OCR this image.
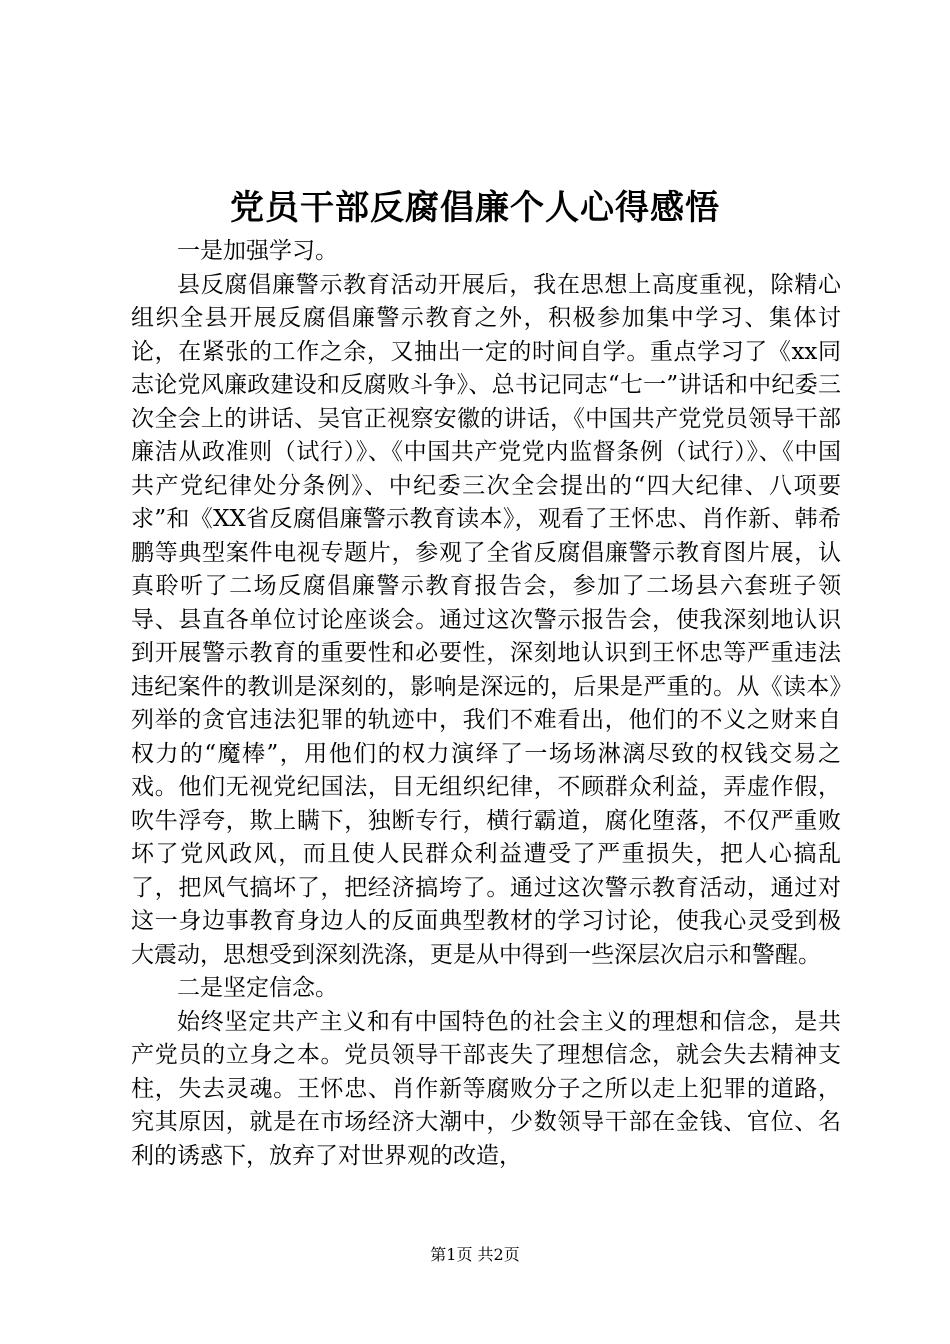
党员干部反腐倡廉个人心得感悟

一是加强学习。

县反腐倡廉警示教育活动开展后，我在思想上高度重视，除精心组织全县开展反腐倡廉警示教育之外，积极参加集中学习、集体讨论，在紧张的工作之余，又抽出一定的时间自学。重点学习了《xx同志论党风廉政建设和反腐败斗争》、总书记同志“七一”讲话和中纪委三次全会上的讲话、吴官正视察安徽的讲话，《中国共产党党员领导干部廉洁从政准则（试行）》、《中国共产党党内监督条例（试行）》、《中国共产党纪律处分条例》、中纪委三次全会提出的“四大纪律、八项要求”和《XX省反腐倡廉警示教育读本》，观看了王怀忠、肖作新、韩希鹏等典型案件电视专题片，参观了全省反腐倡廉警示教育图片展，认真聆听了二场反腐倡廉警示教育报告会，参加了二场县六套班子领导、县直各单位讨论座谈会。通过这次警示报告会，使我深刻地认识到开展警示教育的重要性和必要性，深刻地认识到王怀忠等严重违法违纪案件的教训是深刻的，影响是深远的，后果是严重的。从《读本》列举的贪官违法犯罪的轨迹中，我们不难看出，他们的不义之财来自权力的“魔棒”，用他们的权力演绎了一场场淋漓尽致的权钱交易之戏。他们无视党纪国法，目无组织纪律，不顾群众利益，弄虚作假，吹牛浮夸，欺上瞒下，独断专行，横行霸道，腐化堕落，不仅严重败坏了党风政风，而且使人民群众利益遭受了严重损失，把人心搞乱了，把风气搞坏了，把经济搞垮了。通过这次警示教育活动，通过对这一身边事教育身边人的反面典型教材的学习讨论，使我心灵受到极大震动，思想受到深刻洗涤，更是从中得到一些深层次启示和警醒。

二是坚定信念。

始终坚定共产主义和有中国特色的社会主义的理想和信念，是共产党员的立身之本。党员领导干部丧失了理想信念，就会失去精神支柱，失去灵魂。王怀忠、肖作新等腐败分子之所以走上犯罪的道路，究其原因，就是在市场经济大潮中，少数领导干部在金钱、官位、名利的诱惑下，放弃了对世界观的改造，

第1页 共2页
